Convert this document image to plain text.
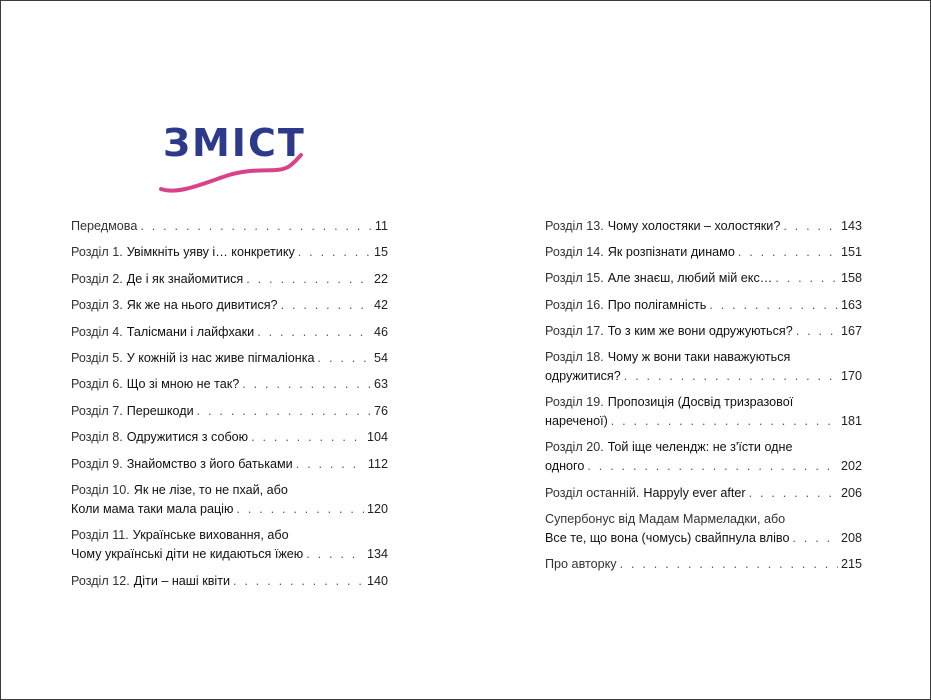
ЗМІСТ
Передмова . . .	11
Розділ 1. Увімкніть уяву і… конкретику . . .	15
Розділ 2. Де і як знайомитися . . .	22
Розділ 3. Як же на нього дивитися? . . .	42
Розділ 4. Талісмани і лайфхаки . . .	46
Розділ 5. У кожній із нас живе пігмаліонка . . .	54
Розділ 6. Що зі мною не так? . . .	63
Розділ 7. Перешкоди . . .	76
Розділ 8. Одружитися з собою . . .	104
Розділ 9. Знайомство з його батьками . . .	112
Розділ 10. Як не лізе, то не пхай, або
Коли мама таки мала рацію . . .	120
Розділ 11. Українське виховання, або
Чому українські діти не кидаються їжею . . .	134
Розділ 12. Діти – наші квіти . . .	140
Розділ 13. Чому холостяки – холостяки? . . .	143
Розділ 14. Як розпізнати динамо . . .	151
Розділ 15. Але знаєш, любий мій екс… . . .	158
Розділ 16. Про полігамність . . .	163
Розділ 17. То з ким же вони одружуються? . . .	167
Розділ 18. Чому ж вони таки наважуються
одружитися? . . .	170
Розділ 19. Пропозиція (Досвід тризразової
нареченої) . . .	181
Розділ 20. Той іще челендж: не з'їсти одне
одного . . .	202
Розділ останній. Happyly ever after . . .	206
Супербонус від Мадам Мармеладки, або
Все те, що вона (чомусь) свайпнула вліво . . .	208
Про авторку . . .	215
